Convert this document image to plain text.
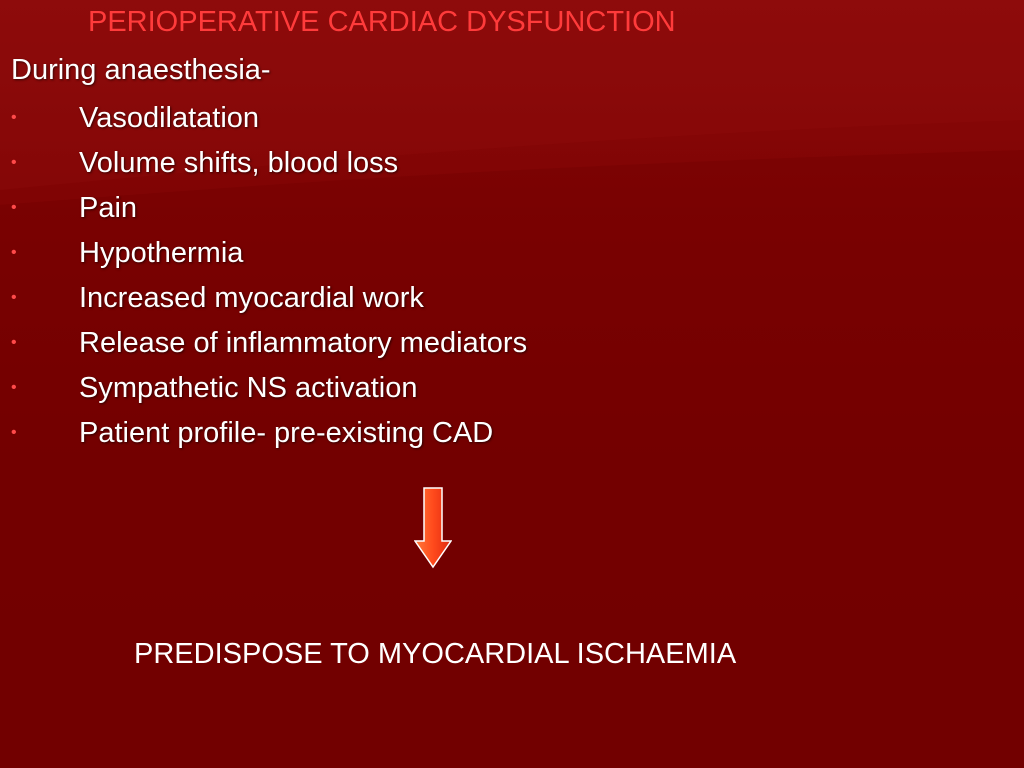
PERIOPERATIVE CARDIAC DYSFUNCTION
During anaesthesia-
• Vasodilatation
• Volume shifts, blood loss
• Pain
• Hypothermia
• Increased myocardial work
• Release of inflammatory mediators
• Sympathetic NS activation
• Patient profile- pre-existing CAD
PREDISPOSE TO MYOCARDIAL ISCHAEMIA
